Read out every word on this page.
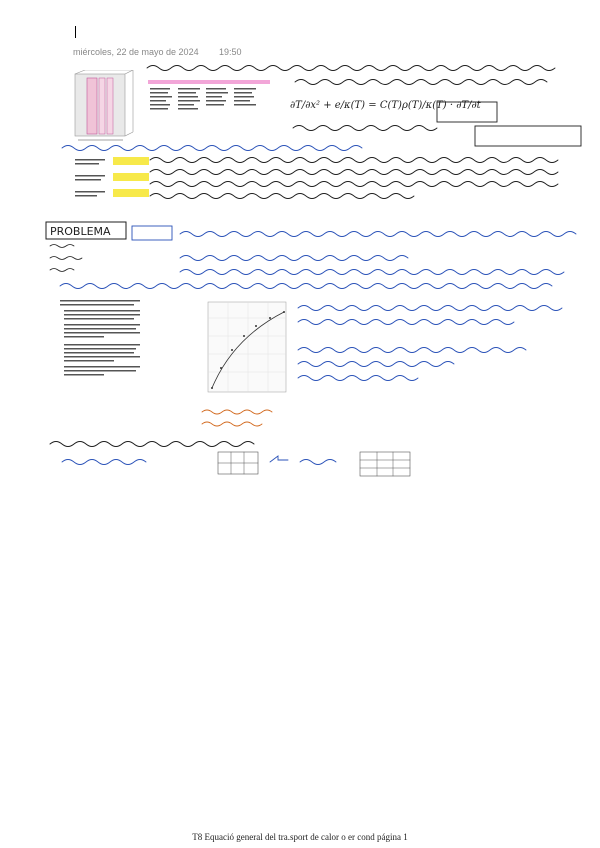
miércoles, 22 de mayo de 2024 19:50
∂T/∂x² + e/κ(T) = C(T)ρ(T)/κ(T) · ∂T/∂t
PROBLEMA
T8 Equació general del tra.sport de calor o er cond página 1
